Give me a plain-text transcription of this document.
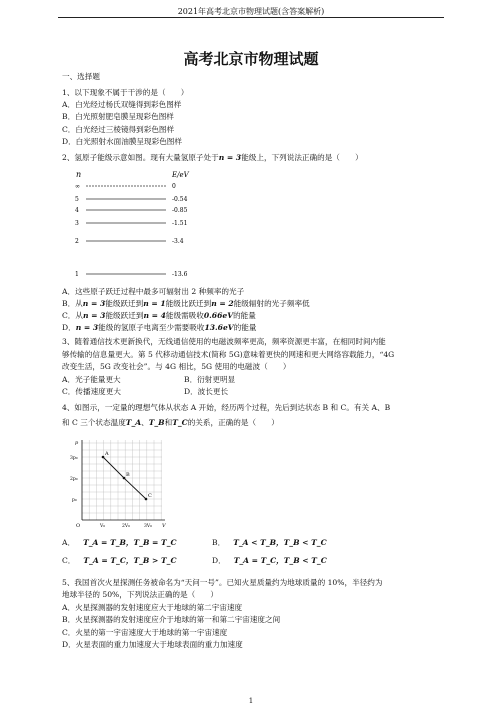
2021年高考北京市物理试题(含答案解析)
高考北京市物理试题
一、选择题
1、以下现象不属于干涉的是（　　）
A．白光经过杨氏双缝得到彩色图样
B．白光照射肥皂膜呈现彩色图样
C．白光经过三棱镜得到彩色图样
D．白光照射水面油膜呈现彩色图样
2、氢原子能级示意如图。现有大量氢原子处于n = 3能级上，下列说法正确的是（　　）
n	E/eV
∞	0
5	-0.54
4	-0.85
3	-1.51
2	-3.4
1	-13.6
A．这些原子跃迁过程中最多可辐射出 2 种频率的光子
B．从n = 3能级跃迁到n = 1能级比跃迁到n = 2能级辐射的光子频率低
C．从n = 3能级跃迁到n = 4能级需吸收0.66eV的能量
D．n = 3能级的氢原子电离至少需要吸收13.6eV的能量
3、随着通信技术更新换代，无线通信使用的电磁波频率更高，频率资源更丰富，在相同时间内能
够传输的信息量更大。第 5 代移动通信技术(简称 5G)意味着更快的网速和更大网络容载能力，“4G
改变生活，5G 改变社会”。与 4G 相比，5G 使用的电磁波（　　）
A．光子能量更大	B．衍射更明显
C．传播速度更大	D．波长更长
4、如图示，一定量的理想气体从状态 A 开始，经历两个过程，先后到达状态 B 和 C。有关 A、B
和 C 三个状态温度T_A、T_B和T_C的关系，正确的是（　　）
p
V
O
3p₀
2p₀
p₀
V₀	2V₀	3V₀
A
B
C
A． T_A = T_B，T_B = T_C	B． T_A < T_B，T_B < T_C
C． T_A = T_C，T_B > T_C	D． T_A = T_C，T_B < T_C
5、我国首次火星探测任务被命名为“天问一号”。已知火星质量约为地球质量的 10%，半径约为
地球半径的 50%，下列说法正确的是（　　）
A．火星探测器的发射速度应大于地球的第二宇宙速度
B．火星探测器的发射速度应介于地球的第一和第二宇宙速度之间
C．火星的第一宇宙速度大于地球的第一宇宙速度
D．火星表面的重力加速度大于地球表面的重力加速度
1
